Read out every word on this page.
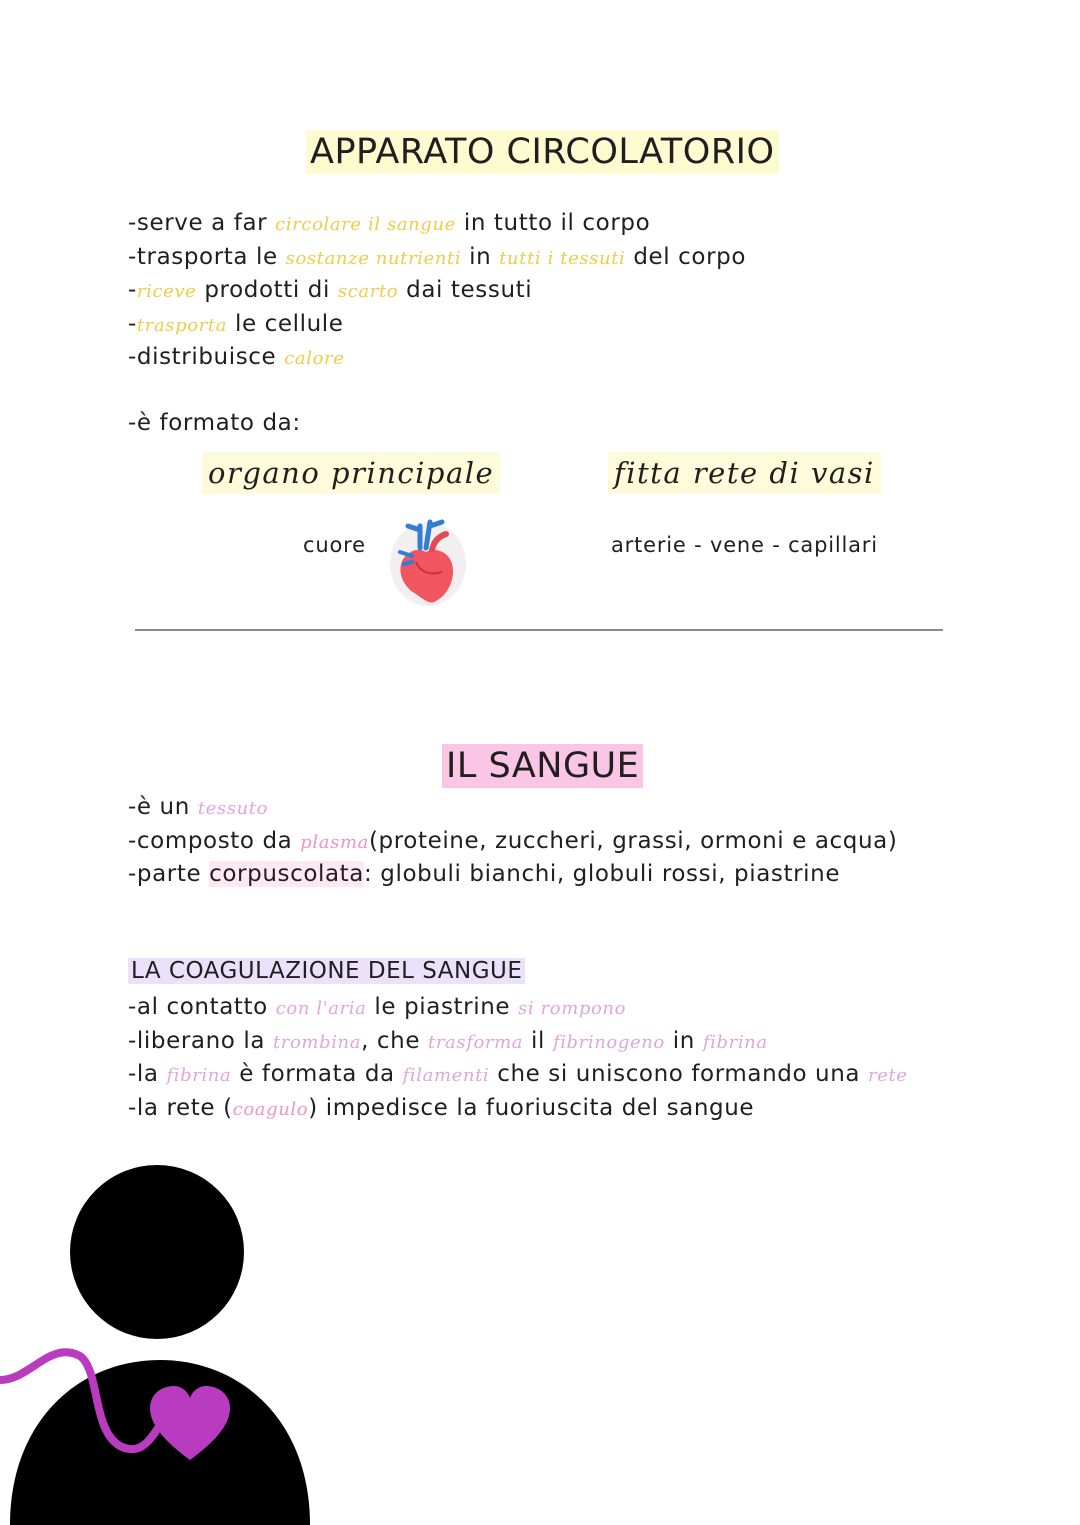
APPARATO CIRCOLATORIO
-serve a far circolare il sangue in tutto il corpo
-trasporta le sostanze nutrienti in tutti i tessuti del corpo
-riceve prodotti di scarto dai tessuti
-trasporta le cellule
-distribuisce calore
-è formato da:
organo principale
cuore
fitta rete di vasi
arterie - vene - capillari
IL SANGUE
-è un tessuto
-composto da plasma(proteine, zuccheri, grassi, ormoni e acqua)
-parte corpuscolata: globuli bianchi, globuli rossi, piastrine
LA COAGULAZIONE DEL SANGUE
-al contatto con l'aria le piastrine si rompono
-liberano la trombina, che trasforma il fibrinogeno in fibrina
-la fibrina è formata da filamenti che si uniscono formando una rete
-la rete (coagulo) impedisce la fuoriuscita del sangue
